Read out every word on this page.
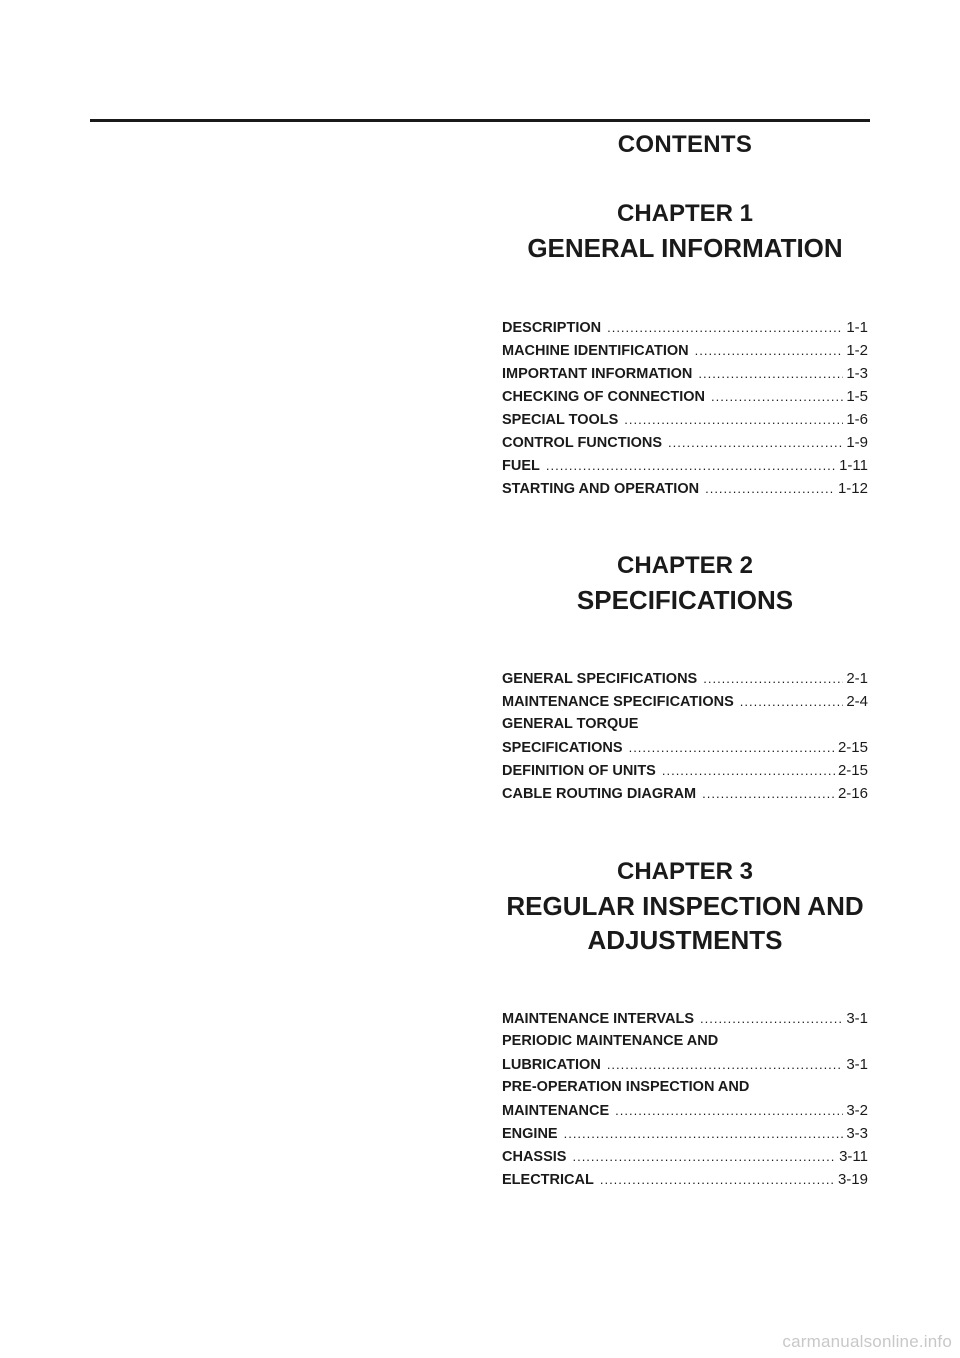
CONTENTS
CHAPTER 1
GENERAL INFORMATION
DESCRIPTION .....	1-1
MACHINE IDENTIFICATION .....	1-2
IMPORTANT INFORMATION .....	1-3
CHECKING OF CONNECTION .....	1-5
SPECIAL TOOLS .....	1-6
CONTROL FUNCTIONS .....	1-9
FUEL .....	1-11
STARTING AND OPERATION .....	1-12
CHAPTER 2
SPECIFICATIONS
GENERAL SPECIFICATIONS .....	2-1
MAINTENANCE SPECIFICATIONS .....	2-4
GENERAL TORQUE
SPECIFICATIONS .....	2-15
DEFINITION OF UNITS .....	2-15
CABLE ROUTING DIAGRAM .....	2-16
CHAPTER 3
REGULAR INSPECTION AND
ADJUSTMENTS
MAINTENANCE INTERVALS .....	3-1
PERIODIC MAINTENANCE AND
LUBRICATION .....	3-1
PRE-OPERATION INSPECTION AND
MAINTENANCE .....	3-2
ENGINE .....	3-3
CHASSIS .....	3-11
ELECTRICAL .....	3-19
carmanualsonline.info
